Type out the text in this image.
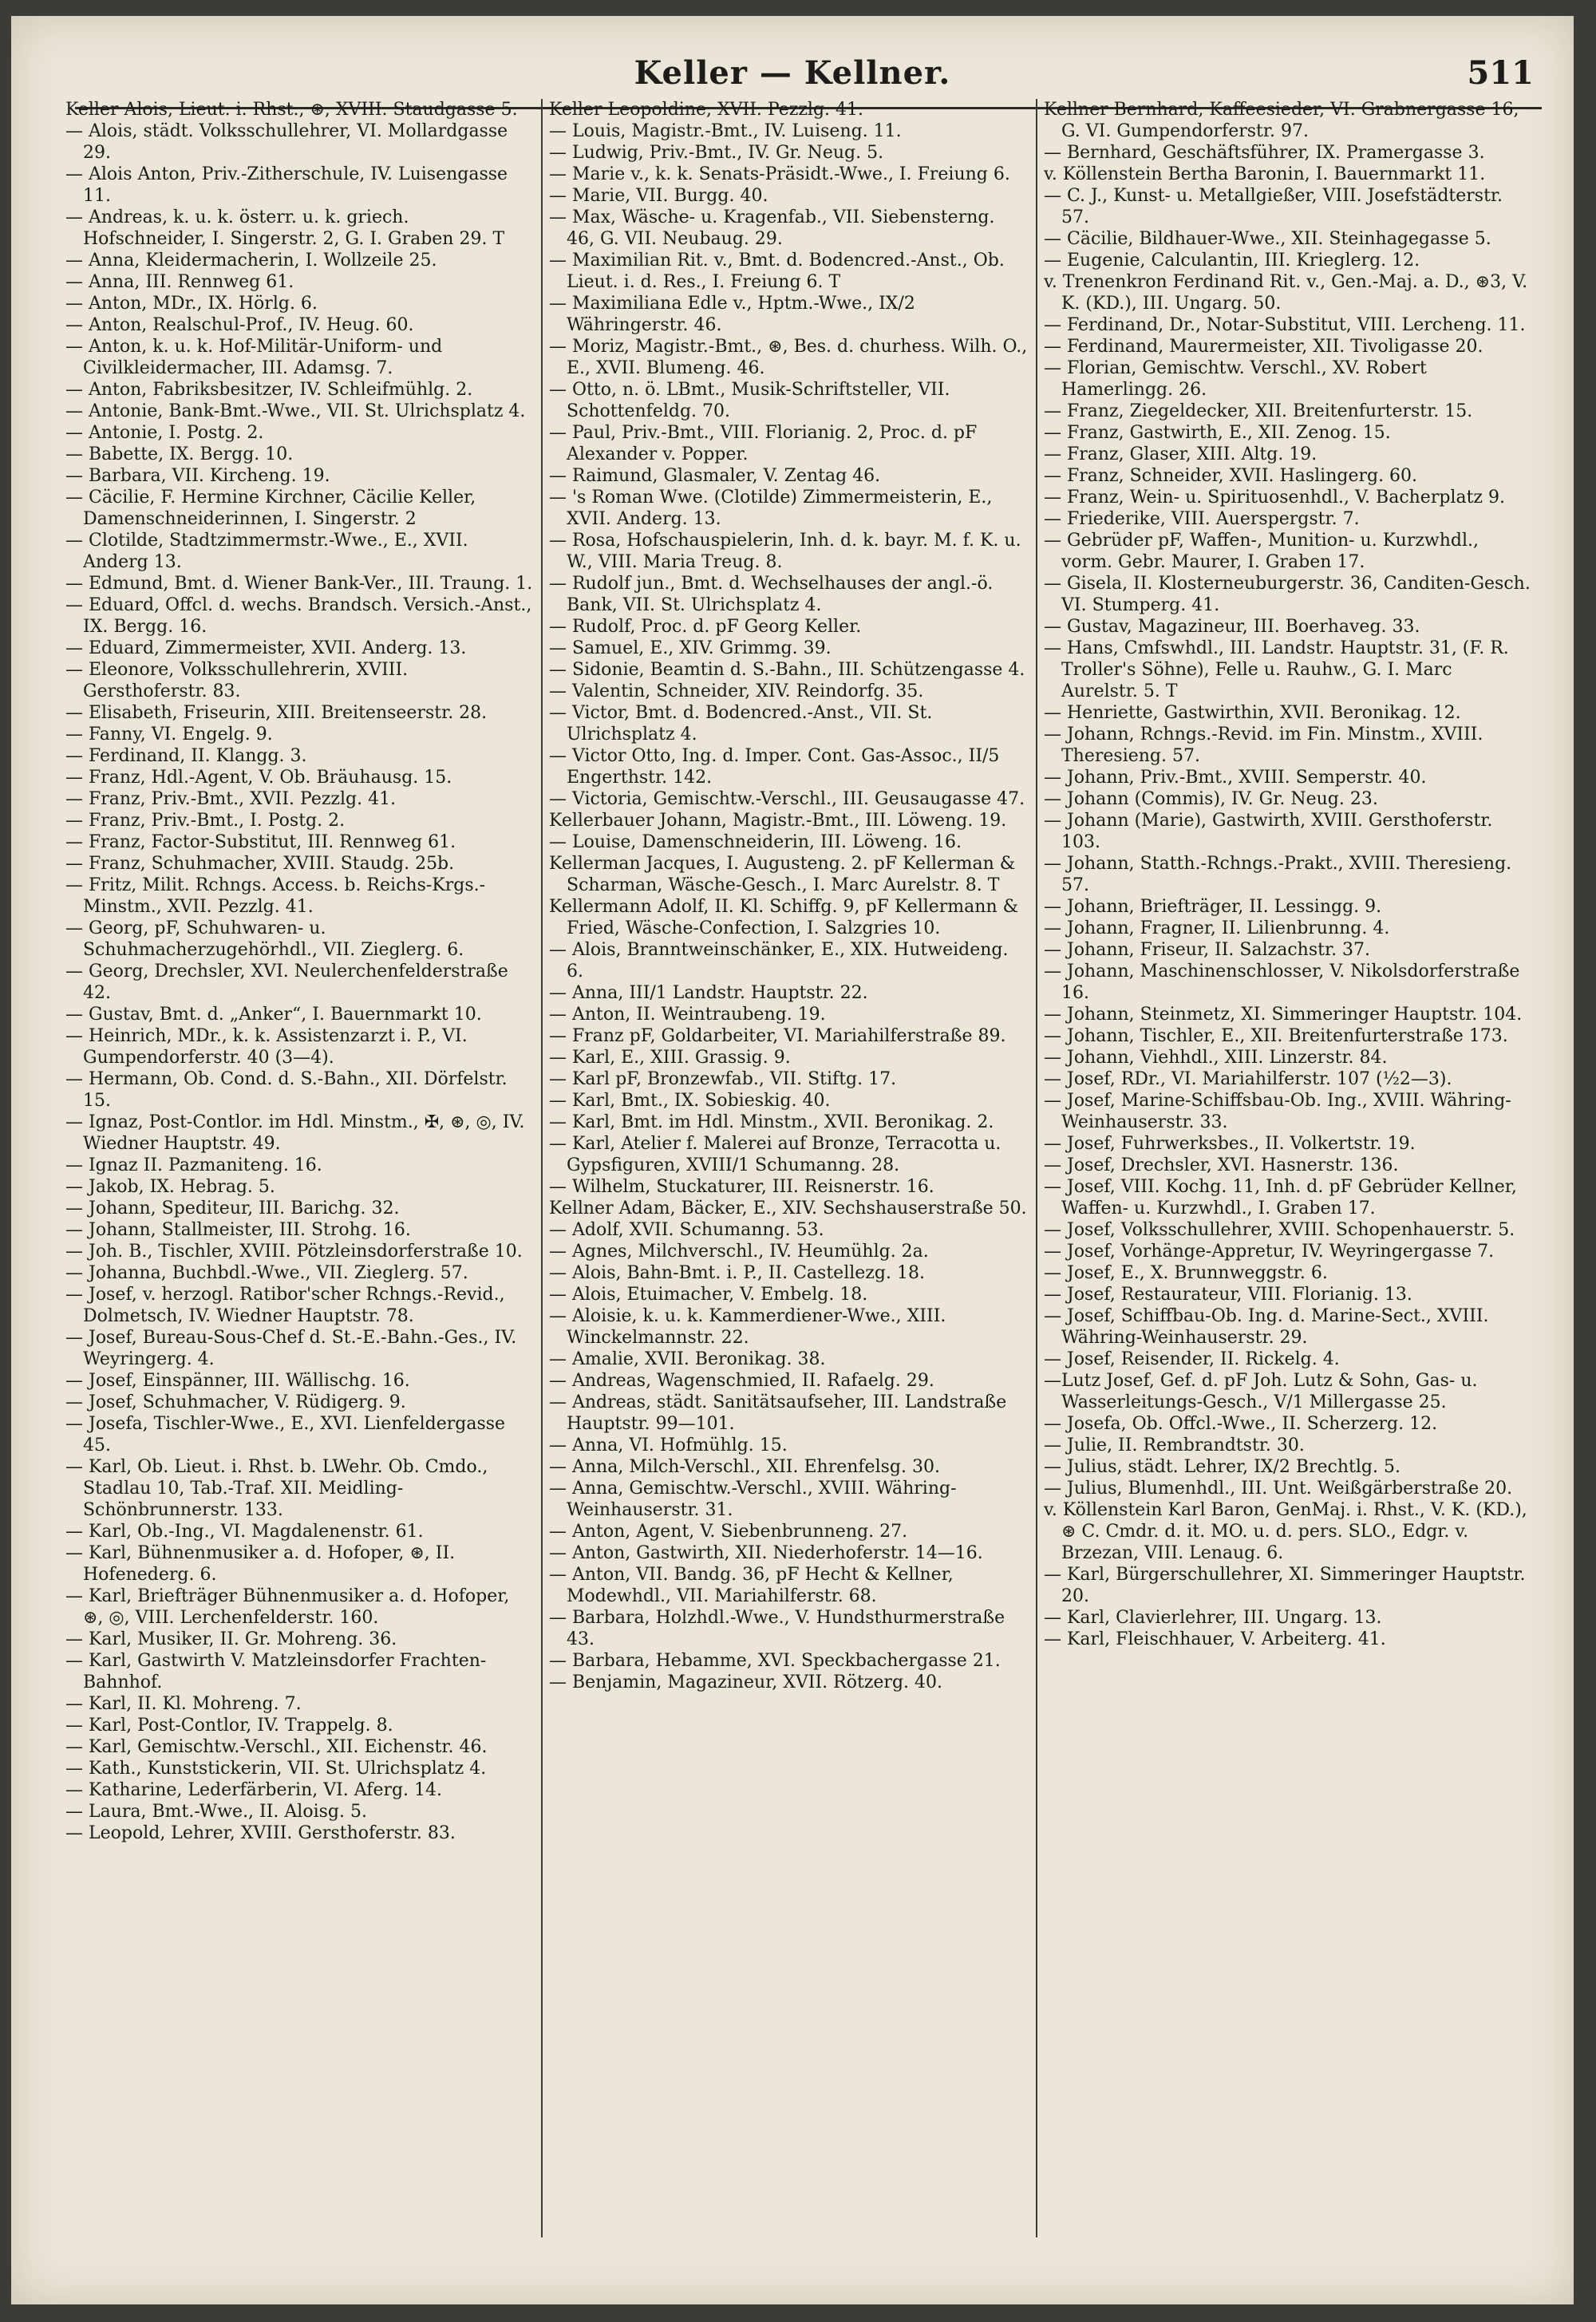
Keller — Kellner.	511
Keller Alois, Lieut. i. Rhst., ⊛, XVIII. Staudgasse 5.
— Alois, städt. Volksschullehrer, VI. Mollardgasse 29.
— Alois Anton, Priv.-Zitherschule, IV. Luisengasse 11.
— Andreas, k. u. k. österr. u. k. griech. Hofschneider, I. Singerstr. 2, G. I. Graben 29. T
— Anna, Kleidermacherin, I. Wollzeile 25.
— Anna, III. Rennweg 61.
— Anton, MDr., IX. Hörlg. 6.
— Anton, Realschul-Prof., IV. Heug. 60.
— Anton, k. u. k. Hof-Militär-Uniform- und Civilkleidermacher, III. Adamsg. 7.
— Anton, Fabriksbesitzer, IV. Schleifmühlg. 2.
— Antonie, Bank-Bmt.-Wwe., VII. St. Ulrichsplatz 4.
— Antonie, I. Postg. 2.
— Babette, IX. Bergg. 10.
— Barbara, VII. Kircheng. 19.
— Cäcilie, F. Hermine Kirchner, Cäcilie Keller, Damenschneiderinnen, I. Singerstr. 2
— Clotilde, Stadtzimmermstr.-Wwe., E., XVII. Anderg 13.
— Edmund, Bmt. d. Wiener Bank-Ver., III. Traung. 1.
— Eduard, Offcl. d. wechs. Brandsch. Versich.-Anst., IX. Bergg. 16.
— Eduard, Zimmermeister, XVII. Anderg. 13.
— Eleonore, Volksschullehrerin, XVIII. Gersthoferstr. 83.
— Elisabeth, Friseurin, XIII. Breitenseerstr. 28.
— Fanny, VI. Engelg. 9.
— Ferdinand, II. Klangg. 3.
— Franz, Hdl.-Agent, V. Ob. Bräuhausg. 15.
— Franz, Priv.-Bmt., XVII. Pezzlg. 41.
— Franz, Priv.-Bmt., I. Postg. 2.
— Franz, Factor-Substitut, III. Rennweg 61.
— Franz, Schuhmacher, XVIII. Staudg. 25b.
— Fritz, Milit. Rchngs. Access. b. Reichs-Krgs.-Minstm., XVII. Pezzlg. 41.
— Georg, pF, Schuhwaren- u. Schuhmacherzugehörhdl., VII. Zieglerg. 6.
— Georg, Drechsler, XVI. Neulerchenfelderstraße 42.
— Gustav, Bmt. d. „Anker“, I. Bauernmarkt 10.
— Heinrich, MDr., k. k. Assistenzarzt i. P., VI. Gumpendorferstr. 40 (3—4).
— Hermann, Ob. Cond. d. S.-Bahn., XII. Dörfelstr. 15.
— Ignaz, Post-Contlor. im Hdl. Minstm., ✠, ⊛, ◎, IV. Wiedner Hauptstr. 49.
— Ignaz II. Pazmaniteng. 16.
— Jakob, IX. Hebrag. 5.
— Johann, Spediteur, III. Barichg. 32.
— Johann, Stallmeister, III. Strohg. 16.
— Joh. B., Tischler, XVIII. Pötzleinsdorferstraße 10.
— Johanna, Buchbdl.-Wwe., VII. Zieglerg. 57.
— Josef, v. herzogl. Ratibor'scher Rchngs.-Revid., Dolmetsch, IV. Wiedner Hauptstr. 78.
— Josef, Bureau-Sous-Chef d. St.-E.-Bahn.-Ges., IV. Weyringerg. 4.
— Josef, Einspänner, III. Wällischg. 16.
— Josef, Schuhmacher, V. Rüdigerg. 9.
— Josefa, Tischler-Wwe., E., XVI. Lienfeldergasse 45.
— Karl, Ob. Lieut. i. Rhst. b. LWehr. Ob. Cmdo., Stadlau 10, Tab.-Traf. XII. Meidling-Schönbrunnerstr. 133.
— Karl, Ob.-Ing., VI. Magdalenenstr. 61.
— Karl, Bühnenmusiker a. d. Hofoper, ⊛, II. Hofenederg. 6.
— Karl, Briefträger Bühnenmusiker a. d. Hofoper, ⊛, ◎, VIII. Lerchenfelderstr. 160.
— Karl, Musiker, II. Gr. Mohreng. 36.
— Karl, Gastwirth V. Matzleinsdorfer Frachten-Bahnhof.
— Karl, II. Kl. Mohreng. 7.
— Karl, Post-Contlor, IV. Trappelg. 8.
— Karl, Gemischtw.-Verschl., XII. Eichenstr. 46.
— Kath., Kunststickerin, VII. St. Ulrichsplatz 4.
— Katharine, Lederfärberin, VI. Aferg. 14.
— Laura, Bmt.-Wwe., II. Aloisg. 5.
— Leopold, Lehrer, XVIII. Gersthoferstr. 83.
Keller Leopoldine, XVII. Pezzlg. 41.
— Louis, Magistr.-Bmt., IV. Luiseng. 11.
— Ludwig, Priv.-Bmt., IV. Gr. Neug. 5.
— Marie v., k. k. Senats-Präsidt.-Wwe., I. Freiung 6.
— Marie, VII. Burgg. 40.
— Max, Wäsche- u. Kragenfab., VII. Siebensterng. 46, G. VII. Neubaug. 29.
— Maximilian Rit. v., Bmt. d. Bodencred.-Anst., Ob. Lieut. i. d. Res., I. Freiung 6. T
— Maximiliana Edle v., Hptm.-Wwe., IX/2 Währingerstr. 46.
— Moriz, Magistr.-Bmt., ⊛, Bes. d. churhess. Wilh. O., E., XVII. Blumeng. 46.
— Otto, n. ö. LBmt., Musik-Schriftsteller, VII. Schottenfeldg. 70.
— Paul, Priv.-Bmt., VIII. Florianig. 2, Proc. d. pF Alexander v. Popper.
— Raimund, Glasmaler, V. Zentag 46.
— 's Roman Wwe. (Clotilde) Zimmermeisterin, E., XVII. Anderg. 13.
— Rosa, Hofschauspielerin, Inh. d. k. bayr. M. f. K. u. W., VIII. Maria Treug. 8.
— Rudolf jun., Bmt. d. Wechselhauses der angl.-ö. Bank, VII. St. Ulrichsplatz 4.
— Rudolf, Proc. d. pF Georg Keller.
— Samuel, E., XIV. Grimmg. 39.
— Sidonie, Beamtin d. S.-Bahn., III. Schützengasse 4.
— Valentin, Schneider, XIV. Reindorfg. 35.
— Victor, Bmt. d. Bodencred.-Anst., VII. St. Ulrichsplatz 4.
— Victor Otto, Ing. d. Imper. Cont. Gas-Assoc., II/5 Engerthstr. 142.
— Victoria, Gemischtw.-Verschl., III. Geusaugasse 47.
Kellerbauer Johann, Magistr.-Bmt., III. Löweng. 19.
— Louise, Damenschneiderin, III. Löweng. 16.
Kellerman Jacques, I. Augusteng. 2. pF Kellerman & Scharman, Wäsche-Gesch., I. Marc Aurelstr. 8. T
Kellermann Adolf, II. Kl. Schiffg. 9, pF Kellermann & Fried, Wäsche-Confection, I. Salzgries 10.
— Alois, Branntweinschänker, E., XIX. Hutweideng. 6.
— Anna, III/1 Landstr. Hauptstr. 22.
— Anton, II. Weintraubeng. 19.
— Franz pF, Goldarbeiter, VI. Mariahilferstraße 89.
— Karl, E., XIII. Grassig. 9.
— Karl pF, Bronzewfab., VII. Stiftg. 17.
— Karl, Bmt., IX. Sobieskig. 40.
— Karl, Bmt. im Hdl. Minstm., XVII. Beronikag. 2.
— Karl, Atelier f. Malerei auf Bronze, Terracotta u. Gypsfiguren, XVIII/1 Schumanng. 28.
— Wilhelm, Stuckaturer, III. Reisnerstr. 16.
Kellner Adam, Bäcker, E., XIV. Sechshauserstraße 50.
— Adolf, XVII. Schumanng. 53.
— Agnes, Milchverschl., IV. Heumühlg. 2a.
— Alois, Bahn-Bmt. i. P., II. Castellezg. 18.
— Alois, Etuimacher, V. Embelg. 18.
— Aloisie, k. u. k. Kammerdiener-Wwe., XIII. Winckelmannstr. 22.
— Amalie, XVII. Beronikag. 38.
— Andreas, Wagenschmied, II. Rafaelg. 29.
— Andreas, städt. Sanitätsaufseher, III. Landstraße Hauptstr. 99—101.
— Anna, VI. Hofmühlg. 15.
— Anna, Milch-Verschl., XII. Ehrenfelsg. 30.
— Anna, Gemischtw.-Verschl., XVIII. Währing-Weinhauserstr. 31.
— Anton, Agent, V. Siebenbrunneng. 27.
— Anton, Gastwirth, XII. Niederhoferstr. 14—16.
— Anton, VII. Bandg. 36, pF Hecht & Kellner, Modewhdl., VII. Mariahilferstr. 68.
— Barbara, Holzhdl.-Wwe., V. Hundsthurmerstraße 43.
— Barbara, Hebamme, XVI. Speckbachergasse 21.
— Benjamin, Magazineur, XVII. Rötzerg. 40.
Kellner Bernhard, Kaffeesieder, VI. Grabnergasse 16, G. VI. Gumpendorferstr. 97.
— Bernhard, Geschäftsführer, IX. Pramergasse 3.
v. Köllenstein Bertha Baronin, I. Bauernmarkt 11.
— C. J., Kunst- u. Metallgießer, VIII. Josefstädterstr. 57.
— Cäcilie, Bildhauer-Wwe., XII. Steinhagegasse 5.
— Eugenie, Calculantin, III. Krieglerg. 12.
v. Trenenkron Ferdinand Rit. v., Gen.-Maj. a. D., ⊛3, V. K. (KD.), III. Ungarg. 50.
— Ferdinand, Dr., Notar-Substitut, VIII. Lercheng. 11.
— Ferdinand, Maurermeister, XII. Tivoligasse 20.
— Florian, Gemischtw. Verschl., XV. Robert Hamerlingg. 26.
— Franz, Ziegeldecker, XII. Breitenfurterstr. 15.
— Franz, Gastwirth, E., XII. Zenog. 15.
— Franz, Glaser, XIII. Altg. 19.
— Franz, Schneider, XVII. Haslingerg. 60.
— Franz, Wein- u. Spirituosenhdl., V. Bacherplatz 9.
— Friederike, VIII. Auerspergstr. 7.
— Gebrüder pF, Waffen-, Munition- u. Kurzwhdl., vorm. Gebr. Maurer, I. Graben 17.
— Gisela, II. Klosterneuburgerstr. 36, Canditen-Gesch. VI. Stumperg. 41.
— Gustav, Magazineur, III. Boerhaveg. 33.
— Hans, Cmfswhdl., III. Landstr. Hauptstr. 31, (F. R. Troller's Söhne), Felle u. Rauhw., G. I. Marc Aurelstr. 5. T
— Henriette, Gastwirthin, XVII. Beronikag. 12.
— Johann, Rchngs.-Revid. im Fin. Minstm., XVIII. Theresieng. 57.
— Johann, Priv.-Bmt., XVIII. Semperstr. 40.
— Johann (Commis), IV. Gr. Neug. 23.
— Johann (Marie), Gastwirth, XVIII. Gersthoferstr. 103.
— Johann, Statth.-Rchngs.-Prakt., XVIII. Theresieng. 57.
— Johann, Briefträger, II. Lessingg. 9.
— Johann, Fragner, II. Lilienbrunng. 4.
— Johann, Friseur, II. Salzachstr. 37.
— Johann, Maschinenschlosser, V. Nikolsdorferstraße 16.
— Johann, Steinmetz, XI. Simmeringer Hauptstr. 104.
— Johann, Tischler, E., XII. Breitenfurterstraße 173.
— Johann, Viehhdl., XIII. Linzerstr. 84.
— Josef, RDr., VI. Mariahilferstr. 107 (½2—3).
— Josef, Marine-Schiffsbau-Ob. Ing., XVIII. Währing-Weinhauserstr. 33.
— Josef, Fuhrwerksbes., II. Volkertstr. 19.
— Josef, Drechsler, XVI. Hasnerstr. 136.
— Josef, VIII. Kochg. 11, Inh. d. pF Gebrüder Kellner, Waffen- u. Kurzwhdl., I. Graben 17.
— Josef, Volksschullehrer, XVIII. Schopenhauerstr. 5.
— Josef, Vorhänge-Appretur, IV. Weyringergasse 7.
— Josef, E., X. Brunnweggstr. 6.
— Josef, Restaurateur, VIII. Florianig. 13.
— Josef, Schiffbau-Ob. Ing. d. Marine-Sect., XVIII. Währing-Weinhauserstr. 29.
— Josef, Reisender, II. Rickelg. 4.
—Lutz Josef, Gef. d. pF Joh. Lutz & Sohn, Gas- u. Wasserleitungs-Gesch., V/1 Millergasse 25.
— Josefa, Ob. Offcl.-Wwe., II. Scherzerg. 12.
— Julie, II. Rembrandtstr. 30.
— Julius, städt. Lehrer, IX/2 Brechtlg. 5.
— Julius, Blumenhdl., III. Unt. Weißgärberstraße 20.
v. Köllenstein Karl Baron, GenMaj. i. Rhst., V. K. (KD.), ⊛ C. Cmdr. d. it. MO. u. d. pers. SLO., Edgr. v. Brzezan, VIII. Lenaug. 6.
— Karl, Bürgerschullehrer, XI. Simmeringer Hauptstr. 20.
— Karl, Clavierlehrer, III. Ungarg. 13.
— Karl, Fleischhauer, V. Arbeiterg. 41.
